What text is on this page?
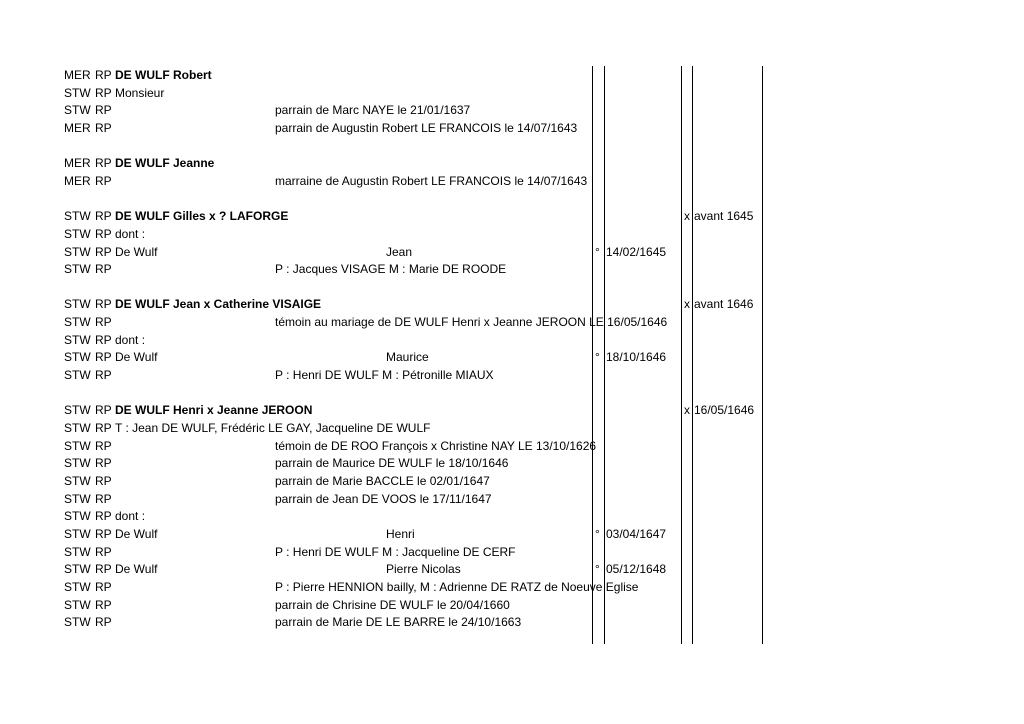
MER RP DE WULF Robert
STW RP Monsieur
STW RP	parrain de Marc NAYE le 21/01/1637
MER RP	parrain de Augustin Robert LE FRANCOIS le 14/07/1643
MER RP DE WULF Jeanne
MER RP	marraine de Augustin Robert LE FRANCOIS le 14/07/1643
STW RP DE WULF Gilles x ? LAFORGE	x avant 1645
STW RP dont :
STW RP De Wulf	Jean	° 14/02/1645
STW RP	P : Jacques VISAGE M : Marie DE ROODE
STW RP DE WULF Jean x Catherine VISAIGE	x avant 1646
STW RP	témoin au mariage de DE WULF Henri x Jeanne JEROON LE 16/05/1646
STW RP dont :
STW RP De Wulf	Maurice	° 18/10/1646
STW RP	P : Henri DE WULF M : Pétronille MIAUX
STW RP DE WULF Henri x Jeanne JEROON	x 16/05/1646
STW RP T : Jean DE WULF, Frédéric LE GAY, Jacqueline DE WULF
STW RP	témoin de DE ROO François x Christine NAY LE 13/10/1626
STW RP	parrain de Maurice DE WULF le 18/10/1646
STW RP	parrain de Marie BACCLE le 02/01/1647
STW RP	parrain de Jean DE VOOS le 17/11/1647
STW RP dont :
STW RP De Wulf	Henri	° 03/04/1647
STW RP	P : Henri DE WULF M : Jacqueline DE CERF
STW RP De Wulf	Pierre Nicolas	° 05/12/1648
STW RP	P : Pierre HENNION bailly, M : Adrienne DE RATZ de Noeuve Eglise
STW RP	parrain de Chrisine DE WULF le 20/04/1660
STW RP	parrain de Marie DE LE BARRE le 24/10/1663
